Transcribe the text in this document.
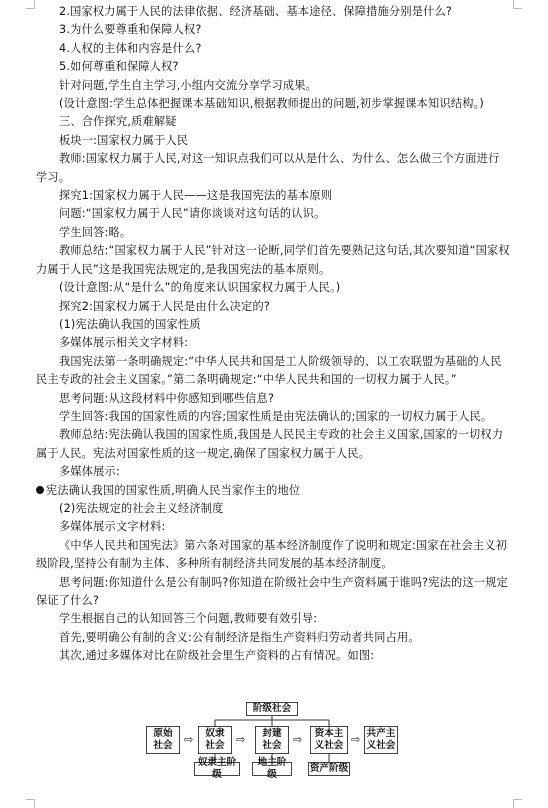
2.国家权力属于人民的法律依据、经济基础、基本途径、保障措施分别是什么?

3.为什么要尊重和保障人权?

4.人权的主体和内容是什么?

5.如何尊重和保障人权?

针对问题,学生自主学习,小组内交流分享学习成果。

(设计意图:学生总体把握课本基础知识,根据教师提出的问题,初步掌握课本知识结构。)

三、合作探究,质难解疑

板块一:国家权力属于人民

教师:国家权力属于人民,对这一知识点我们可以从是什么、为什么、怎么做三个方面进行学习。

探究1:国家权力属于人民——这是我国宪法的基本原则

问题:“国家权力属于人民”请你谈谈对这句话的认识。

学生回答:略。

教师总结:“国家权力属于人民”针对这一论断,同学们首先要熟记这句话,其次要知道“国家权力属于人民”这是我国宪法规定的,是我国宪法的基本原则。

(设计意图:从“是什么”的角度来认识国家权力属于人民。)

探究2:国家权力属于人民是由什么决定的?

(1)宪法确认我国的国家性质

多媒体展示相关文字材料:

我国宪法第一条明确规定:“中华人民共和国是工人阶级领导的、以工农联盟为基础的人民民主专政的社会主义国家。”第二条明确规定:“中华人民共和国的一切权力属于人民。”

思考问题:从这段材料中你感知到哪些信息?

学生回答:我国的国家性质的内容;国家性质是由宪法确认的;国家的一切权力属于人民。

教师总结:宪法确认我国的国家性质,我国是人民民主专政的社会主义国家,国家的一切权力属于人民。宪法对国家性质的这一规定,确保了国家权力属于人民。

多媒体展示:

宪法确认我国的国家性质,明确人民当家作主的地位

(2)宪法规定的社会主义经济制度

多媒体展示文字材料:

《中华人民共和国宪法》第六条对国家的基本经济制度作了说明和规定:国家在社会主义初级阶段,坚持公有制为主体、多种所有制经济共同发展的基本经济制度。

思考问题:你知道什么是公有制吗?你知道在阶级社会中生产资料属于谁吗?宪法的这一规定保证了什么?

学生根据自己的认知回答三个问题,教师要有效引导:

首先,要明确公有制的含义:公有制经济是指生产资料归劳动者共同占用。

其次,通过多媒体对比在阶级社会里生产资料的占有情况。如图:

阶级社会
原始
社会 ⇨ 奴隶
社会 ⇨ 封建
社会 ⇨ 资本主
义社会 ⇨ 共产主
义社会
奴隶主阶级
地主阶级
资产阶级
